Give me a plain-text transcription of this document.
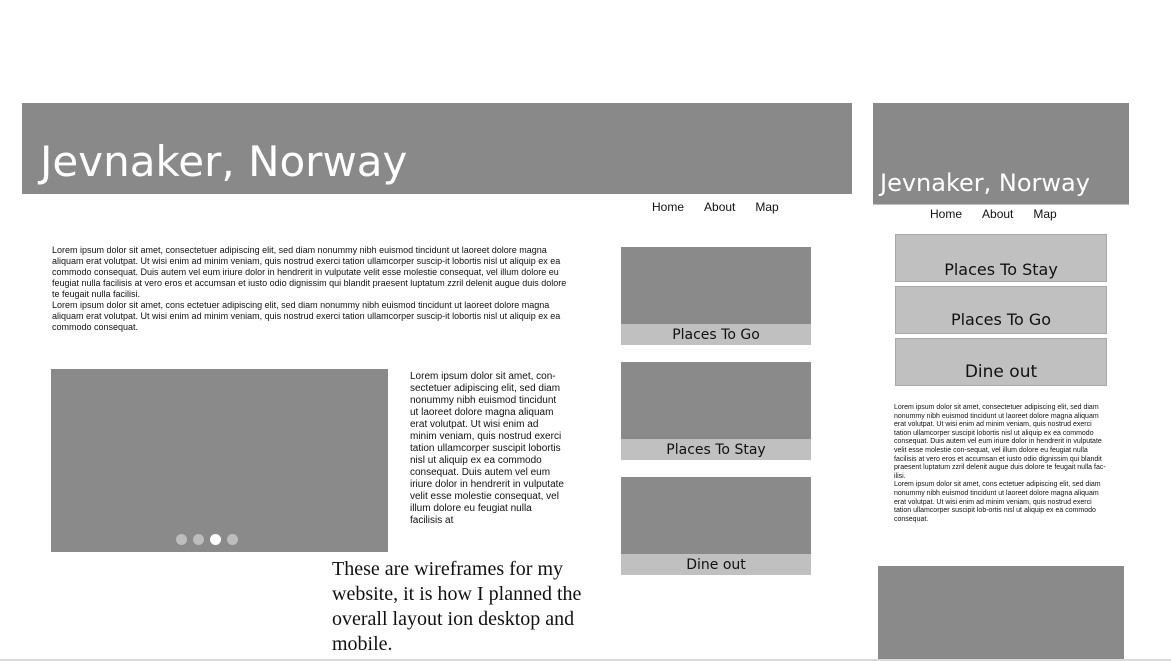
Jevnaker, Norway
Home About Map
Lorem ipsum dolor sit amet, consectetuer adipiscing elit, sed diam nonummy nibh euismod tincidunt ut laoreet dolore magna aliquam erat volutpat. Ut wisi enim ad minim veniam, quis nostrud exerci tation ullamcorper suscip-it lobortis nisl ut aliquip ex ea commodo consequat. Duis autem vel eum iriure dolor in hendrerit in vulputate velit esse molestie consequat, vel illum dolore eu feugiat nulla facilisis at vero eros et accumsan et iusto odio dignissim qui blandit praesent luptatum zzril delenit augue duis dolore te feugait nulla facilisi.
Lorem ipsum dolor sit amet, cons ectetuer adipiscing elit, sed diam nonummy nibh euismod tincidunt ut laoreet dolore magna aliquam erat volutpat. Ut wisi enim ad minim veniam, quis nostrud exerci tation ullamcorper suscip-it lobortis nisl ut aliquip ex ea commodo consequat.
Lorem ipsum dolor sit amet, con-sectetuer adipiscing elit, sed diam nonummy nibh euismod tincidunt ut laoreet dolore magna aliquam erat volutpat. Ut wisi enim ad minim veniam, quis nostrud exerci tation ullamcorper suscipit lobortis nisl ut aliquip ex ea commodo consequat. Duis autem vel eum iriure dolor in hendrerit in vulputate velit esse molestie consequat, vel illum dolore eu feugiat nulla facilisis at
Places To Go
Places To Stay
Dine out
These are wireframes for my website, it is how I planned the overall layout ion desktop and mobile.
Jevnaker, Norway
Home About Map
Places To Stay
Places To Go
Dine out
Lorem ipsum dolor sit amet, consectetuer adipiscing elit, sed diam nonummy nibh euismod tincidunt ut laoreet dolore magna aliquam erat volutpat. Ut wisi enim ad minim veniam, quis nostrud exerci tation ullamcorper suscipit lobortis nisl ut aliquip ex ea commodo consequat. Duis autem vel eum iriure dolor in hendrerit in vulputate velit esse molestie con-sequat, vel illum dolore eu feugiat nulla facilisis at vero eros et accumsan et iusto odio dignissim qui blandit praesent luptatum zzril delenit augue duis dolore te feugait nulla fac-ilisi.
Lorem ipsum dolor sit amet, cons ectetuer adipiscing elit, sed diam nonummy nibh euismod tincidunt ut laoreet dolore magna aliquam erat volutpat. Ut wisi enim ad minim veniam, quis nostrud exerci tation ullamcorper suscipit lob-ortis nisl ut aliquip ex ea commodo consequat.
